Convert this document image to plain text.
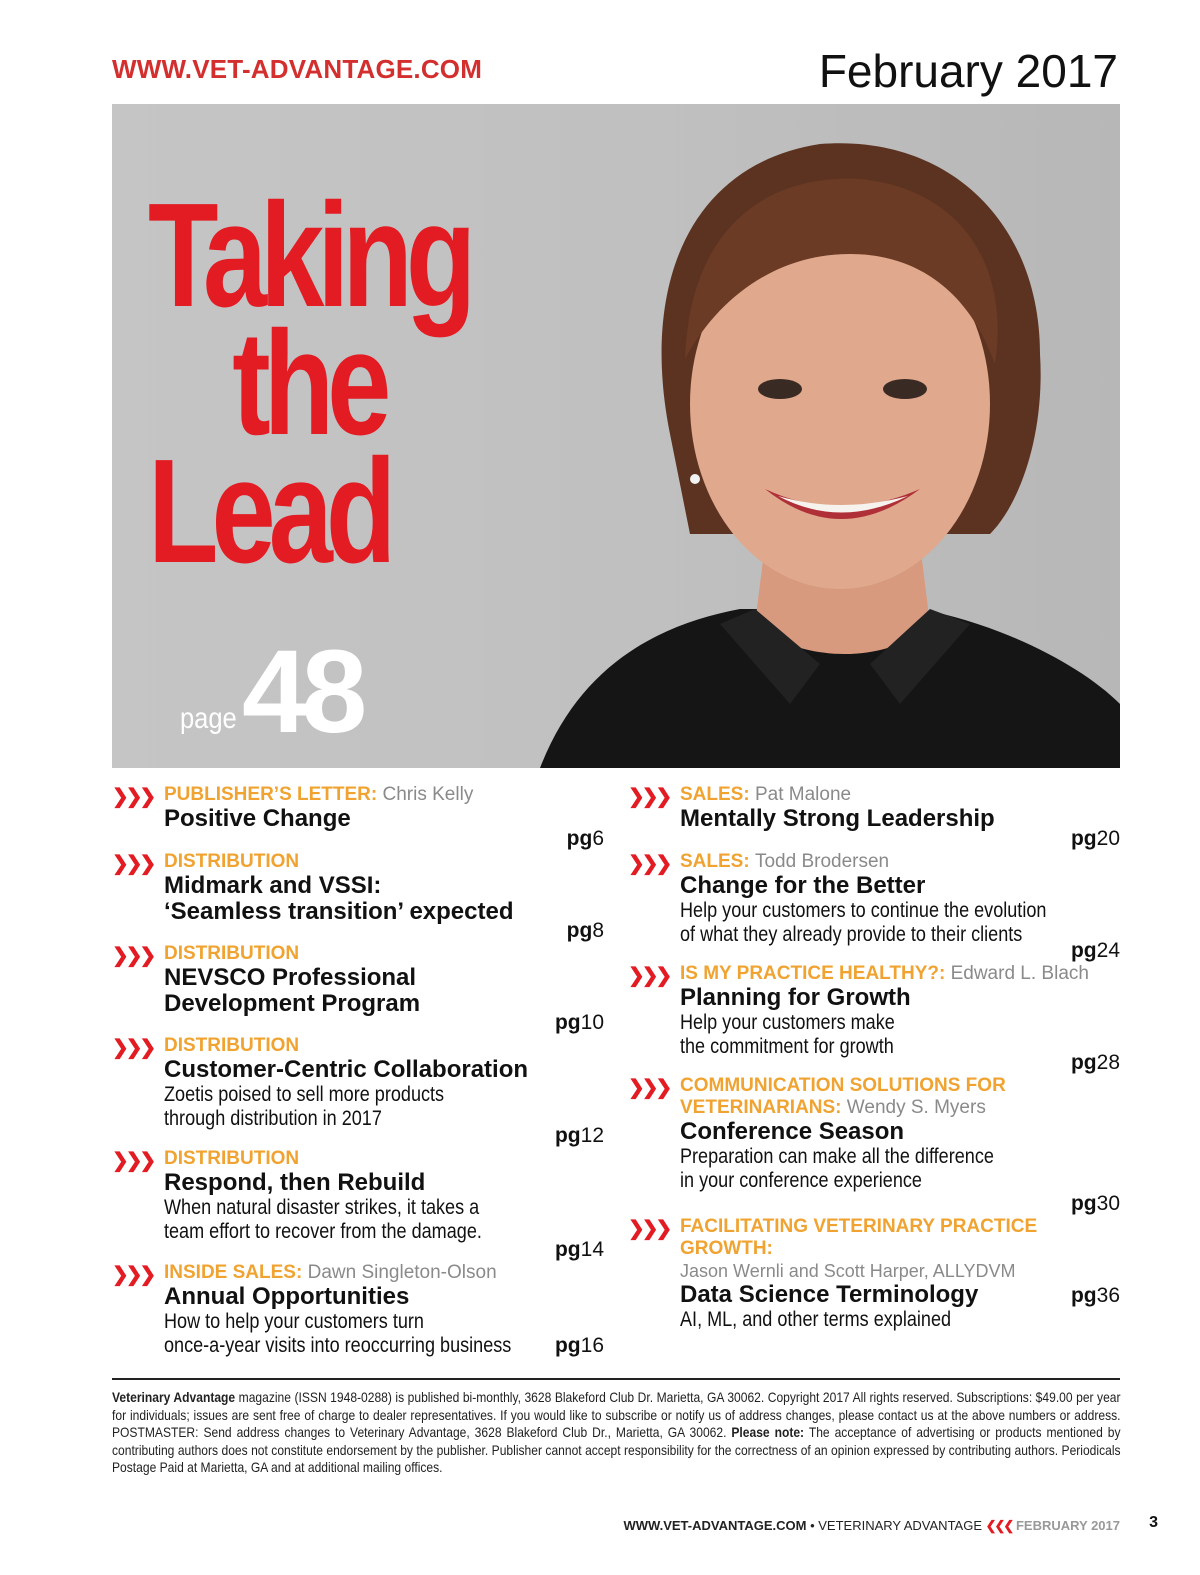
WWW.VET-ADVANTAGE.COM	February 2017
Taking
the
Lead
page 48
❯❯❯ PUBLISHER’S LETTER: Chris Kelly
Positive Change
pg6
❯❯❯ DISTRIBUTION
Midmark and VSSI:
‘Seamless transition’ expected
pg8
❯❯❯ DISTRIBUTION
NEVSCO Professional
Development Program
pg10
❯❯❯ DISTRIBUTION
Customer-Centric Collaboration
Zoetis poised to sell more products
through distribution in 2017
pg12
❯❯❯ DISTRIBUTION
Respond, then Rebuild
When natural disaster strikes, it takes a
team effort to recover from the damage.
pg14
❯❯❯ INSIDE SALES: Dawn Singleton-Olson
Annual Opportunities
How to help your customers turn
once-a-year visits into reoccurring business	pg16
❯❯❯ SALES: Pat Malone
Mentally Strong Leadership
pg20
❯❯❯ SALES: Todd Brodersen
Change for the Better
Help your customers to continue the evolution
of what they already provide to their clients
pg24
❯❯❯ IS MY PRACTICE HEALTHY?: Edward L. Blach
Planning for Growth
Help your customers make
the commitment for growth
pg28
❯❯❯ COMMUNICATION SOLUTIONS FOR VETERINARIANS: Wendy S. Myers
Conference Season
Preparation can make all the difference
in your conference experience
pg30
❯❯❯ FACILITATING VETERINARY PRACTICE GROWTH:
Jason Wernli and Scott Harper, ALLYDVM
Data Science Terminology
AI, ML, and other terms explained
pg36

Veterinary Advantage magazine (ISSN 1948-0288) is published bi-monthly, 3628 Blakeford Club Dr. Marietta, GA 30062. Copyright 2017 All rights reserved. Subscriptions: $49.00 per year for individuals; issues are sent free of charge to dealer representatives. If you would like to subscribe or notify us of address changes, please contact us at the above numbers or address. POSTMASTER: Send address changes to Veterinary Advantage, 3628 Blakeford Club Dr., Marietta, GA 30062. Please note: The acceptance of advertising or products mentioned by contributing authors does not constitute endorsement by the publisher. Publisher cannot accept responsibility for the correctness of an opinion expressed by contributing authors. Periodicals Postage Paid at Marietta, GA and at additional mailing offices.

WWW.VET-ADVANTAGE.COM • VETERINARY ADVANTAGE ❮❮❮ FEBRUARY 2017 3
